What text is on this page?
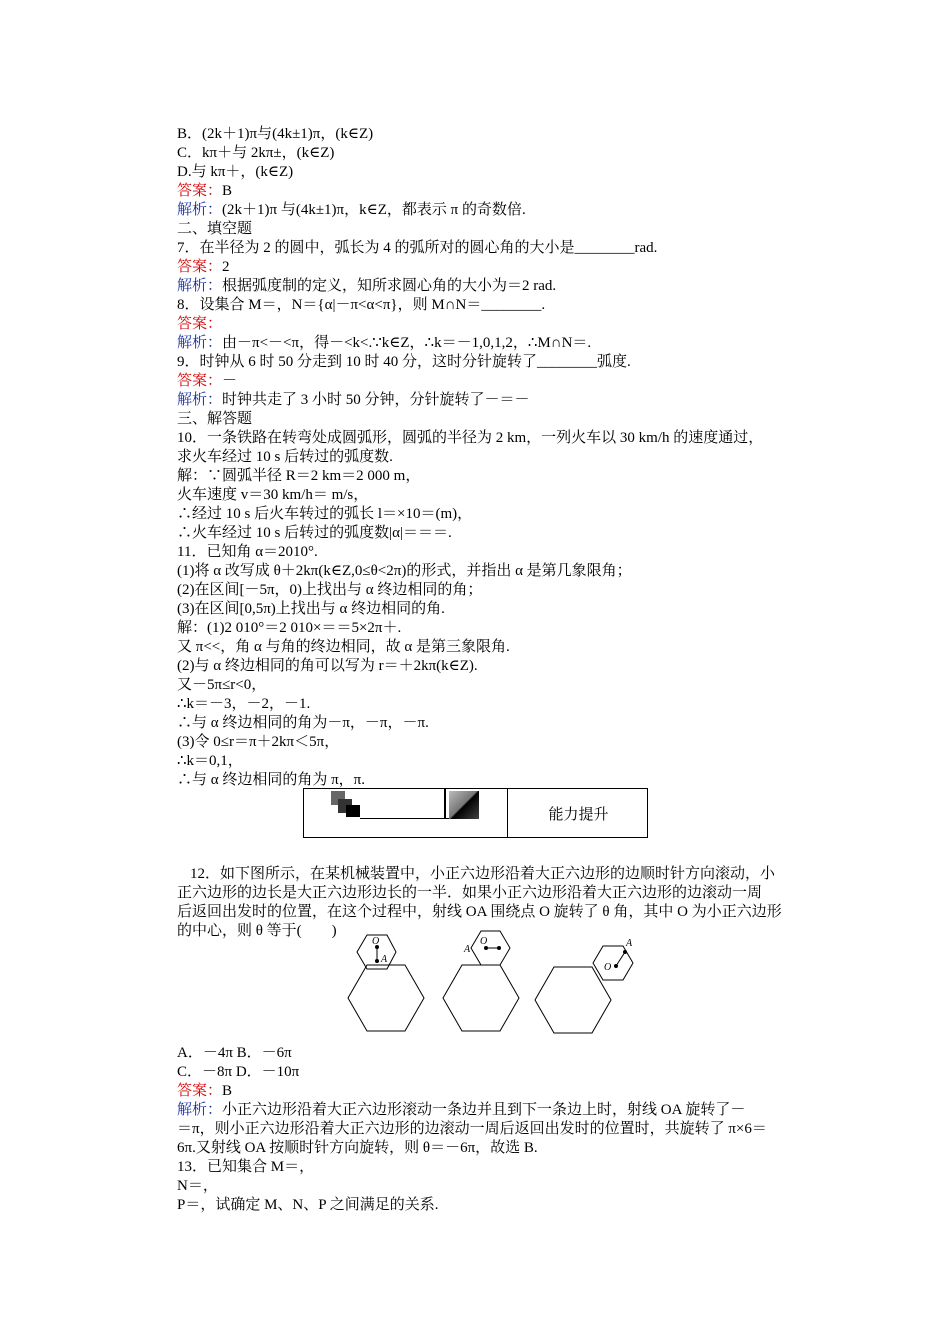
B．(2k＋1)π与(4k±1)π，(k∈Z)
C．kπ＋与 2kπ±，(k∈Z)
D.与 kπ＋，(k∈Z)
答案：B
解析：(2k＋1)π 与(4k±1)π，k∈Z，都表示 π 的奇数倍.
二、填空题
7．在半径为 2 的圆中，弧长为 4 的弧所对的圆心角的大小是________rad.
答案：2
解析：根据弧度制的定义，知所求圆心角的大小为＝2 rad.
8．设集合 M＝，N＝{α|－π<α<π}，则 M∩N＝________.
答案：
解析：由－π<－<π，得－<k<.∵k∈Z，∴k＝－1,0,1,2，∴M∩N＝.
9．时钟从 6 时 50 分走到 10 时 40 分，这时分针旋转了________弧度.
答案：－
解析：时钟共走了 3 小时 50 分钟，分针旋转了－＝－
三、解答题
10．一条铁路在转弯处成圆弧形，圆弧的半径为 2 km，一列火车以 30 km/h 的速度通过，
求火车经过 10 s 后转过的弧度数.
解：∵圆弧半径 R＝2 km＝2 000 m，
火车速度 v＝30 km/h＝ m/s，
∴经过 10 s 后火车转过的弧长 l＝×10＝(m)，
∴火车经过 10 s 后转过的弧度数|α|＝＝＝.
11．已知角 α＝2010°.
(1)将 α 改写成 θ＋2kπ(k∈Z,0≤θ<2π)的形式，并指出 α 是第几象限角；
(2)在区间[－5π，0)上找出与 α 终边相同的角；
(3)在区间[0,5π)上找出与 α 终边相同的角.
解：(1)2 010°＝2 010×＝＝5×2π＋.
又 π<<，角 α 与角的终边相同，故 α 是第三象限角.
(2)与 α 终边相同的角可以写为 r＝＋2kπ(k∈Z).
又－5π≤r<0，
∴k＝－3，－2，－1.
∴与 α 终边相同的角为－π，－π，－π.
(3)令 0≤r＝π＋2kπ＜5π，
∴k＝0,1，
∴与 α 终边相同的角为 π，π.
能力提升
12．如下图所示，在某机械装置中，小正六边形沿着大正六边形的边顺时针方向滚动，小
正六边形的边长是大正六边形边长的一半．如果小正六边形沿着大正六边形的边滚动一周
后返回出发时的位置，在这个过程中，射线 OA 围绕点 O 旋转了 θ 角，其中 O 为小正六边形
的中心，则 θ 等于(　　)
O
A
A
O
O
A
A．－4π B．－6π
C．－8π D．－10π
答案：B
解析：小正六边形沿着大正六边形滚动一条边并且到下一条边上时，射线 OA 旋转了－
＝π，则小正六边形沿着大正六边形的边滚动一周后返回出发时的位置时，共旋转了 π×6＝
6π.又射线 OA 按顺时针方向旋转，则 θ＝－6π，故选 B.
13．已知集合 M＝，
N＝，
P＝，试确定 M、N、P 之间满足的关系.
